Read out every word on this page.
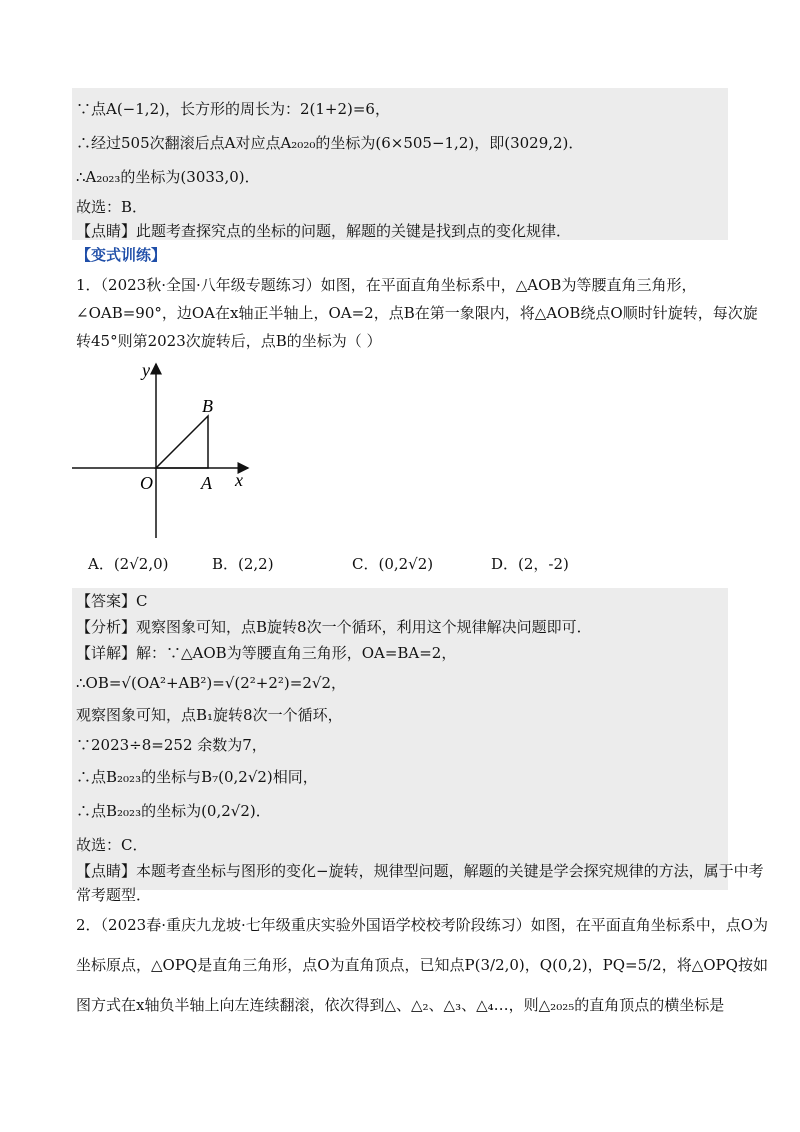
∵点A(−1,2)，长方形的周长为：2(1+2)=6，
∴经过505次翻滚后点A对应点A₂₀₂₀的坐标为(6×505−1,2)，即(3029,2)．
∴A₂₀₂₃的坐标为(3033,0)．
故选：B．
【点睛】此题考查探究点的坐标的问题，解题的关键是找到点的变化规律．
【变式训练】
1．（2023秋·全国·八年级专题练习）如图，在平面直角坐标系中，△AOB为等腰直角三角形，
∠OAB=90°，边OA在x轴正半轴上，OA=2，点B在第一象限内，将△AOB绕点O顺时针旋转，每次旋
转45°则第2023次旋转后，点B的坐标为（ ）
y
x
O	A
B
A．(2√2,0)	B．(2,2)	C．(0,2√2)	D．(2，-2)
【答案】C
【分析】观察图象可知，点B旋转8次一个循环，利用这个规律解决问题即可．
【详解】解：∵△AOB为等腰直角三角形，OA=BA=2，
∴OB=√(OA²+AB²)=√(2²+2²)=2√2，
观察图象可知，点B₁旋转8次一个循环，
∵2023÷8=252 余数为7，
∴点B₂₀₂₃的坐标与B₇(0,2√2)相同，
∴点B₂₀₂₃的坐标为(0,2√2)．
故选：C．
【点睛】本题考查坐标与图形的变化−旋转，规律型问题，解题的关键是学会探究规律的方法，属于中考
常考题型．
2．（2023春·重庆九龙坡·七年级重庆实验外国语学校校考阶段练习）如图，在平面直角坐标系中，点O为
坐标原点，△OPQ是直角三角形，点O为直角顶点，已知点P(3/2,0)，Q(0,2)，PQ=5/2，将△OPQ按如
图方式在x轴负半轴上向左连续翻滚，依次得到△、△₂、△₃、△₄…，则△₂₀₂₅的直角顶点的横坐标是
